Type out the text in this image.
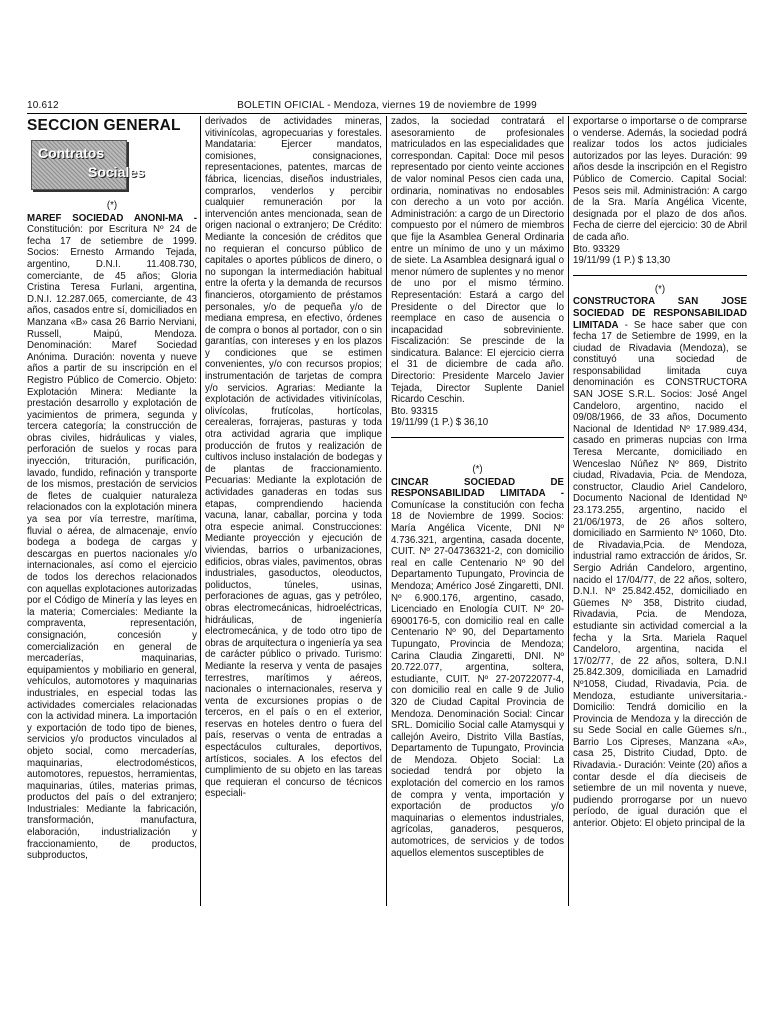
10.612	BOLETIN OFICIAL - Mendoza, viernes 19 de noviembre de 1999
SECCION GENERAL
Contratos
Sociales
(*)

MAREF SOCIEDAD ANONI-MA - Constitución: por Escritura Nº 24 de fecha 17 de setiembre de 1999. Socios: Ernesto Armando Tejada, argentino, D.N.I. 11.408.730, comerciante, de 45 años; Gloria Cristina Teresa Furlani, argentina, D.N.I. 12.287.065, comerciante, de 43 años, casados entre sí, domiciliados en Manzana «B» casa 26 Barrio Nerviani, Russell, Maipú, Mendoza. Denominación: Maref Sociedad Anónima. Duración: noventa y nueve años a partir de su inscripción en el Registro Público de Comercio. Objeto: Explotación Minera: Mediante la prestación desarrollo y explotación de yacimientos de primera, segunda y tercera categoría; la construcción de obras civiles, hidráulicas y viales, perforación de suelos y rocas para inyección, trituración, purificación, lavado, fundido, refinación y transporte de los mismos, prestación de servicios de fletes de cualquier naturaleza relacionados con la explotación minera ya sea por vía terrestre, marítima, fluvial o aérea, de almacenaje, envío bodega a bodega de cargas y descargas en puertos nacionales y/o internacionales, así como el ejercicio de todos los derechos relacionados con aquellas explotaciones autorizadas por el Código de Minería y las leyes en la materia; Comerciales: Mediante la compraventa, representación, consignación, concesión y comercialización en general de mercaderías, maquinarias, equipamientos y mobiliario en general, vehículos, automotores y maquinarias industriales, en especial todas las actividades comerciales relacionadas con la actividad minera. La importación y exportación de todo tipo de bienes, servicios y/o productos vinculados al objeto social, como mercaderías, maquinarias, electrodomésticos, automotores, repuestos, herramientas, maquinarias, útiles, materias primas, productos del país o del extranjero; Industriales: Mediante la fabricación, transformación, manufactura, elaboración, industrialización y fraccionamiento, de productos, subproductos,

derivados de actividades mineras, vitivinícolas, agropecuarias y forestales. Mandataria: Ejercer mandatos, comisiones, consignaciones, representaciones, patentes, marcas de fábrica, licencias, diseños industriales, comprarlos, venderlos y percibir cualquier remuneración por la intervención antes mencionada, sean de origen nacional o extranjero; De Crédito: Mediante la concesión de créditos que no requieran el concurso público de capitales o aportes públicos de dinero, o no supongan la intermediación habitual entre la oferta y la demanda de recursos financieros, otorgamiento de préstamos personales, y/o de pequeña y/o de mediana empresa, en efectivo, órdenes de compra o bonos al portador, con o sin garantías, con intereses y en los plazos y condiciones que se estimen convenientes, y/o con recursos propios; instrumentación de tarjetas de compra y/o servicios. Agrarias: Mediante la explotación de actividades vitivinícolas, olivícolas, frutícolas, hortícolas, cerealeras, forrajeras, pasturas y toda otra actividad agraria que implique producción de frutos y realización de cultivos incluso instalación de bodegas y de plantas de fraccionamiento. Pecuarias: Mediante la explotación de actividades ganaderas en todas sus etapas, comprendiendo hacienda vacuna, lanar, caballar, porcina y toda otra especie animal. Construcciones: Mediante proyección y ejecución de viviendas, barrios o urbanizaciones, edificios, obras viales, pavimentos, obras industriales, gasoductos, oleoductos, poliductos, túneles, usinas, perforaciones de aguas, gas y petróleo, obras electromecánicas, hidroeléctricas, hidráulicas, de ingeniería electromecánica, y de todo otro tipo de obras de arquitectura o ingeniería ya sea de carácter público o privado. Turismo: Mediante la reserva y venta de pasajes terrestres, marítimos y aéreos, nacionales o internacionales, reserva y venta de excursiones propias o de terceros, en el país o en el exterior, reservas en hoteles dentro o fuera del país, reservas o venta de entradas a espectáculos culturales, deportivos, artísticos, sociales. A los efectos del cumplimiento de su objeto en las tareas que requieran el concurso de técnicos especiali-

zados, la sociedad contratará el asesoramiento de profesionales matriculados en las especialidades que correspondan. Capital: Doce mil pesos representado por ciento veinte acciones de valor nominal Pesos cien cada una, ordinaria, nominativas no endosables con derecho a un voto por acción. Administración: a cargo de un Directorio compuesto por el número de miembros que fije la Asamblea General Ordinaria entre un mínimo de uno y un máximo de siete. La Asamblea designará igual o menor número de suplentes y no menor de uno por el mismo término. Representación: Estará a cargo del Presidente o del Director que lo reemplace en caso de ausencia o incapacidad sobreviniente. Fiscalización: Se prescinde de la sindicatura. Balance: El ejercicio cierra el 31 de diciembre de cada año. Directorio: Presidente Marcelo Javier Tejada, Director Suplente Daniel Ricardo Ceschin.

Bto. 93315

19/11/99 (1 P.) $ 36,10

(*)

CINCAR SOCIEDAD DE RESPONSABILIDAD LIMITADA - Comunícase la constitución con fecha 18 de Noviembre de 1999. Socios: María Angélica Vicente, DNI Nº 4.736.321, argentina, casada docente, CUIT. Nº 27-04736321-2, con domicilio real en calle Centenario Nº 90 del Departamento Tupungato, Provincia de Mendoza; Américo José Zingaretti, DNI. Nº 6.900.176, argentino, casado, Licenciado en Enología CUIT. Nº 20-6900176-5, con domicilio real en calle Centenario Nº 90, del Departamento Tupungato, Provincia de Mendoza; Carina Claudia Zingaretti, DNI. Nº 20.722.077, argentina, soltera, estudiante, CUIT. Nº 27-20722077-4, con domicilio real en calle 9 de Julio 320 de Ciudad Capital Provincia de Mendoza. Denominación Social: Cincar SRL. Domicilio Social calle Atamysqui y callejón Aveiro, Distrito Villa Bastías, Departamento de Tupungato, Provincia de Mendoza. Objeto Social: La sociedad tendrá por objeto la explotación del comercio en los ramos de compra y venta, importación y exportación de productos y/o maquinarias o elementos industriales, agrícolas, ganaderos, pesqueros, automotrices, de servicios y de todos aquellos elementos susceptibles de

exportarse o importarse o de comprarse o venderse. Además, la sociedad podrá realizar todos los actos judiciales autorizados por las leyes. Duración: 99 años desde la inscripción en el Registro Público de Comercio. Capital Social: Pesos seis mil. Administración: A cargo de la Sra. María Angélica Vicente, designada por el plazo de dos años. Fecha de cierre del ejercicio: 30 de Abril de cada año.

Bto. 93329

19/11/99 (1 P.) $ 13,30

(*)

CONSTRUCTORA SAN JOSE SOCIEDAD DE RESPONSABILIDAD LIMITADA - Se hace saber que con fecha 17 de Setiembre de 1999, en la ciudad de Rivadavia (Mendoza), se constituyó una sociedad de responsabilidad limitada cuya denominación es CONSTRUCTORA SAN JOSE S.R.L. Socios: José Angel Candeloro, argentino, nacido el 09/08/1966, de 33 años, Documento Nacional de Identidad Nº 17.989.434, casado en primeras nupcias con Irma Teresa Mercante, domiciliado en Wenceslao Núñez Nº 869, Distrito ciudad, Rivadavia, Pcia. de Mendoza, constructor, Claudio Ariel Candeloro, Documento Nacional de Identidad Nº 23.173.255, argentino, nacido el 21/06/1973, de 26 años soltero, domiciliado en Sarmiento Nº 1060, Dto. de Rivadavia,Pcia. de Mendoza, industrial ramo extracción de áridos, Sr. Sergio Adrián Candeloro, argentino, nacido el 17/04/77, de 22 años, soltero, D.N.I. Nº 25.842.452, domiciliado en Güemes Nº 358, Distrito ciudad, Rivadavia, Pcia. de Mendoza, estudiante sin actividad comercial a la fecha y la Srta. Mariela Raquel Candeloro, argentina, nacida el 17/02/77, de 22 años, soltera, D.N.I 25.842.309, domiciliada en Lamadrid Nº1058, Ciudad, Rivadavia, Pcia. de Mendoza, estudiante universitaria.- Domicilio: Tendrá domicilio en la Provincia de Mendoza y la dirección de su Sede Social en calle Güemes s/n., Barrio Los Cipreses, Manzana «A», casa 25, Distrito Ciudad, Dpto. de Rivadavia.- Duración: Veinte (20) años a contar desde el día dieciseis de setiembre de un mil noventa y nueve, pudiendo prorrogarse por un nuevo período, de igual duración que el anterior. Objeto: El objeto principal de la
